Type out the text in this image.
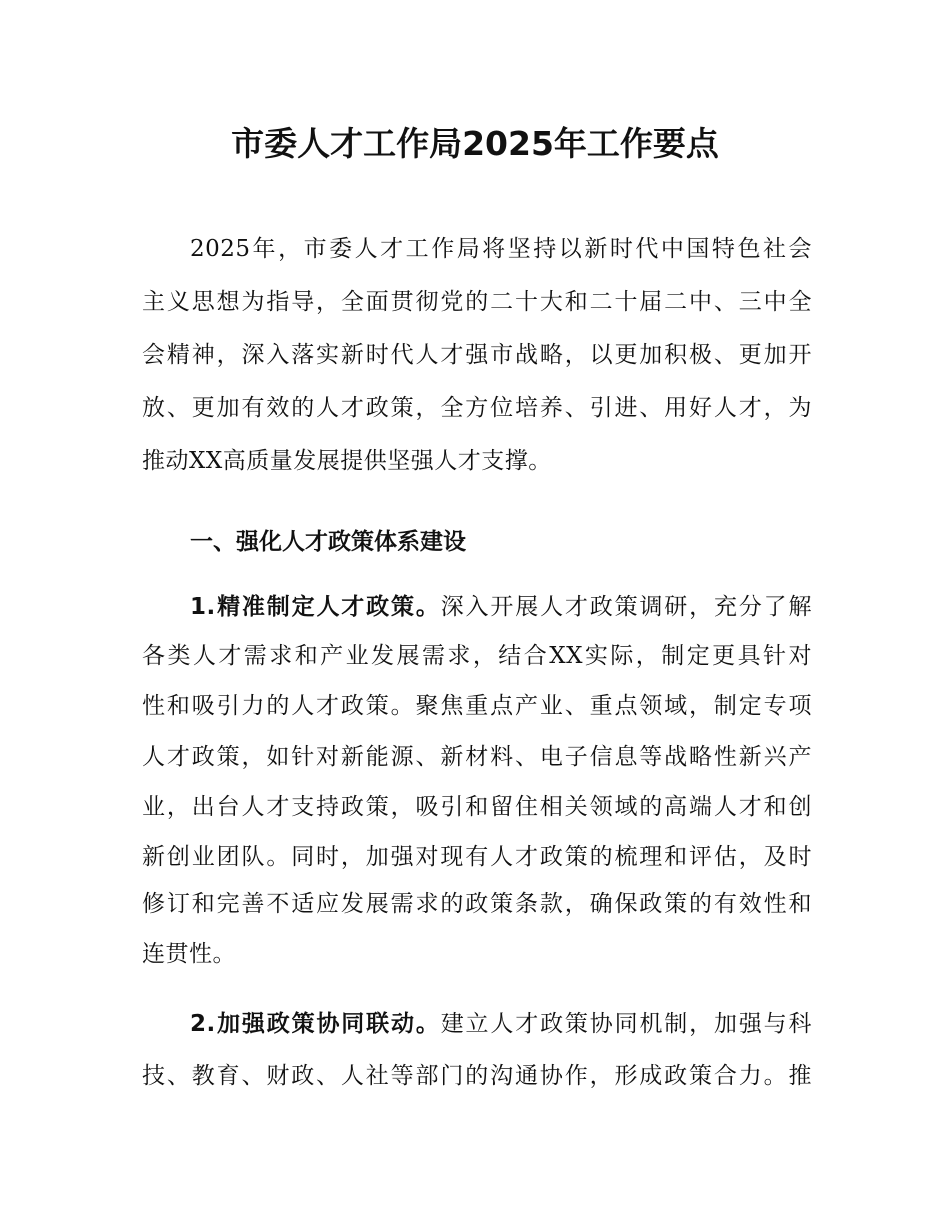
市委人才工作局2025年工作要点
2025年，市委人才工作局将坚持以新时代中国特色社会
主义思想为指导，全面贯彻党的二十大和二十届二中、三中全
会精神，深入落实新时代人才强市战略，以更加积极、更加开
放、更加有效的人才政策，全方位培养、引进、用好人才，为
推动XX高质量发展提供坚强人才支撑。
一、强化人才政策体系建设
1.精准制定人才政策。深入开展人才政策调研，充分了解
各类人才需求和产业发展需求，结合XX实际，制定更具针对
性和吸引力的人才政策。聚焦重点产业、重点领域，制定专项
人才政策，如针对新能源、新材料、电子信息等战略性新兴产
业，出台人才支持政策，吸引和留住相关领域的高端人才和创
新创业团队。同时，加强对现有人才政策的梳理和评估，及时
修订和完善不适应发展需求的政策条款，确保政策的有效性和
连贯性。
2.加强政策协同联动。建立人才政策协同机制，加强与科
技、教育、财政、人社等部门的沟通协作，形成政策合力。推
